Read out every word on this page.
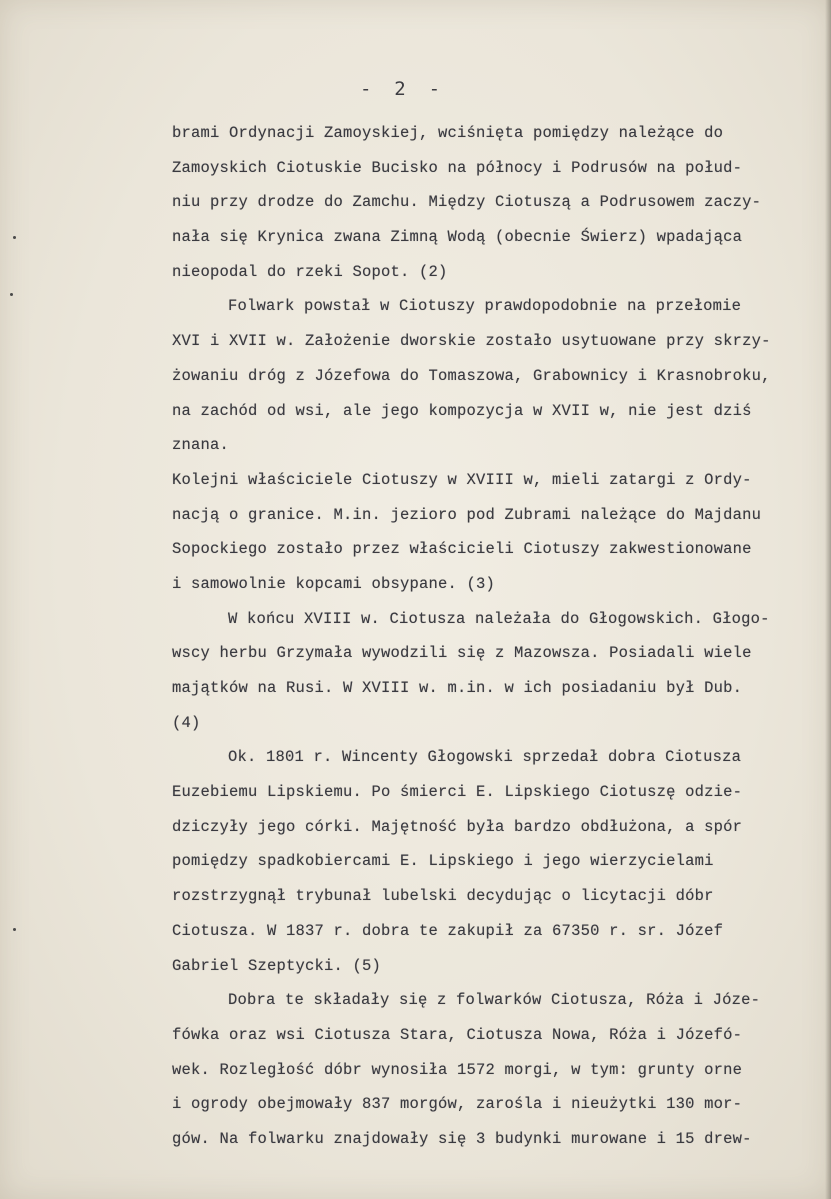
-  2  -
brami Ordynacji Zamoyskiej, wciśnięta pomiędzy należące do
Zamoyskich Ciotuskie Bucisko na północy i Podrusów na połud-
niu przy drodze do Zamchu. Między Ciotuszą a Podrusowem zaczy-
nała się Krynica zwana Zimną Wodą (obecnie Świerz) wpadająca
nieopodal do rzeki Sopot. (2)
Folwark powstał w Ciotuszy prawdopodobnie na przełomie
XVI i XVII w. Założenie dworskie zostało usytuowane przy skrzy-
żowaniu dróg z Józefowa do Tomaszowa, Grabownicy i Krasnobroku,
na zachód od wsi, ale jego kompozycja w XVII w, nie jest dziś
znana.
Kolejni właściciele Ciotuszy w XVIII w, mieli zatargi z Ordy-
nacją o granice. M.in. jezioro pod Zubrami należące do Majdanu
Sopockiego zostało przez właścicieli Ciotuszy zakwestionowane
i samowolnie kopcami obsypane. (3)
W końcu XVIII w. Ciotusza należała do Głogowskich. Głogo-
wscy herbu Grzymała wywodzili się z Mazowsza. Posiadali wiele
majątków na Rusi. W XVIII w. m.in. w ich posiadaniu był Dub.
(4)
Ok. 1801 r. Wincenty Głogowski sprzedał dobra Ciotusza
Euzebiemu Lipskiemu. Po śmierci E. Lipskiego Ciotuszę odzie-
dziczyły jego córki. Majętność była bardzo obdłużona, a spór
pomiędzy spadkobiercami E. Lipskiego i jego wierzycielami
rozstrzygnął trybunał lubelski decydując o licytacji dóbr
Ciotusza. W 1837 r. dobra te zakupił za 67350 r. sr. Józef
Gabriel Szeptycki. (5)
Dobra te składały się z folwarków Ciotusza, Róża i Józe-
fówka oraz wsi Ciotusza Stara, Ciotusza Nowa, Róża i Józefó-
wek. Rozległość dóbr wynosiła 1572 morgi, w tym: grunty orne
i ogrody obejmowały 837 morgów, zarośla i nieużytki 130 mor-
gów. Na folwarku znajdowały się 3 budynki murowane i 15 drew-
